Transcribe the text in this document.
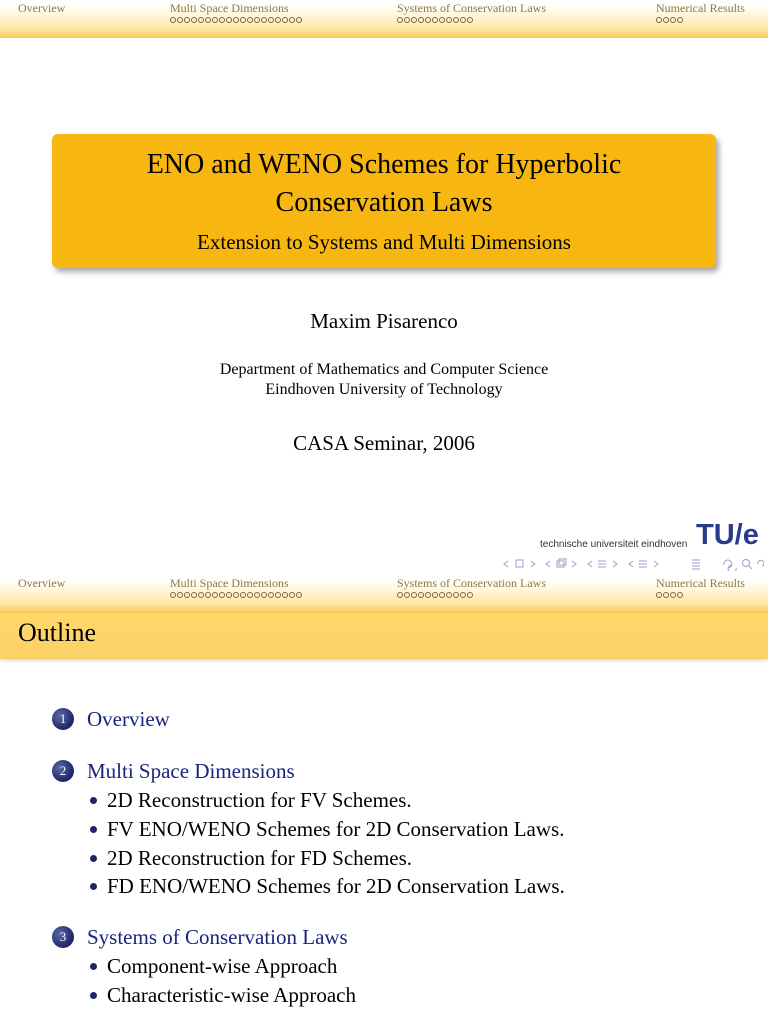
Overview	Multi Space Dimensions	Systems of Conservation Laws	Numerical Results
ENO and WENO Schemes for Hyperbolic
Conservation Laws
Extension to Systems and Multi Dimensions
Maxim Pisarenco
Department of Mathematics and Computer Science
Eindhoven University of Technology
CASA Seminar, 2006
technische universiteit eindhoven TU/e
Overview	Multi Space Dimensions	Systems of Conservation Laws	Numerical Results
Outline
1 Overview
2 Multi Space Dimensions
2D Reconstruction for FV Schemes.
FV ENO/WENO Schemes for 2D Conservation Laws.
2D Reconstruction for FD Schemes.
FD ENO/WENO Schemes for 2D Conservation Laws.
3 Systems of Conservation Laws
Component-wise Approach
Characteristic-wise Approach
